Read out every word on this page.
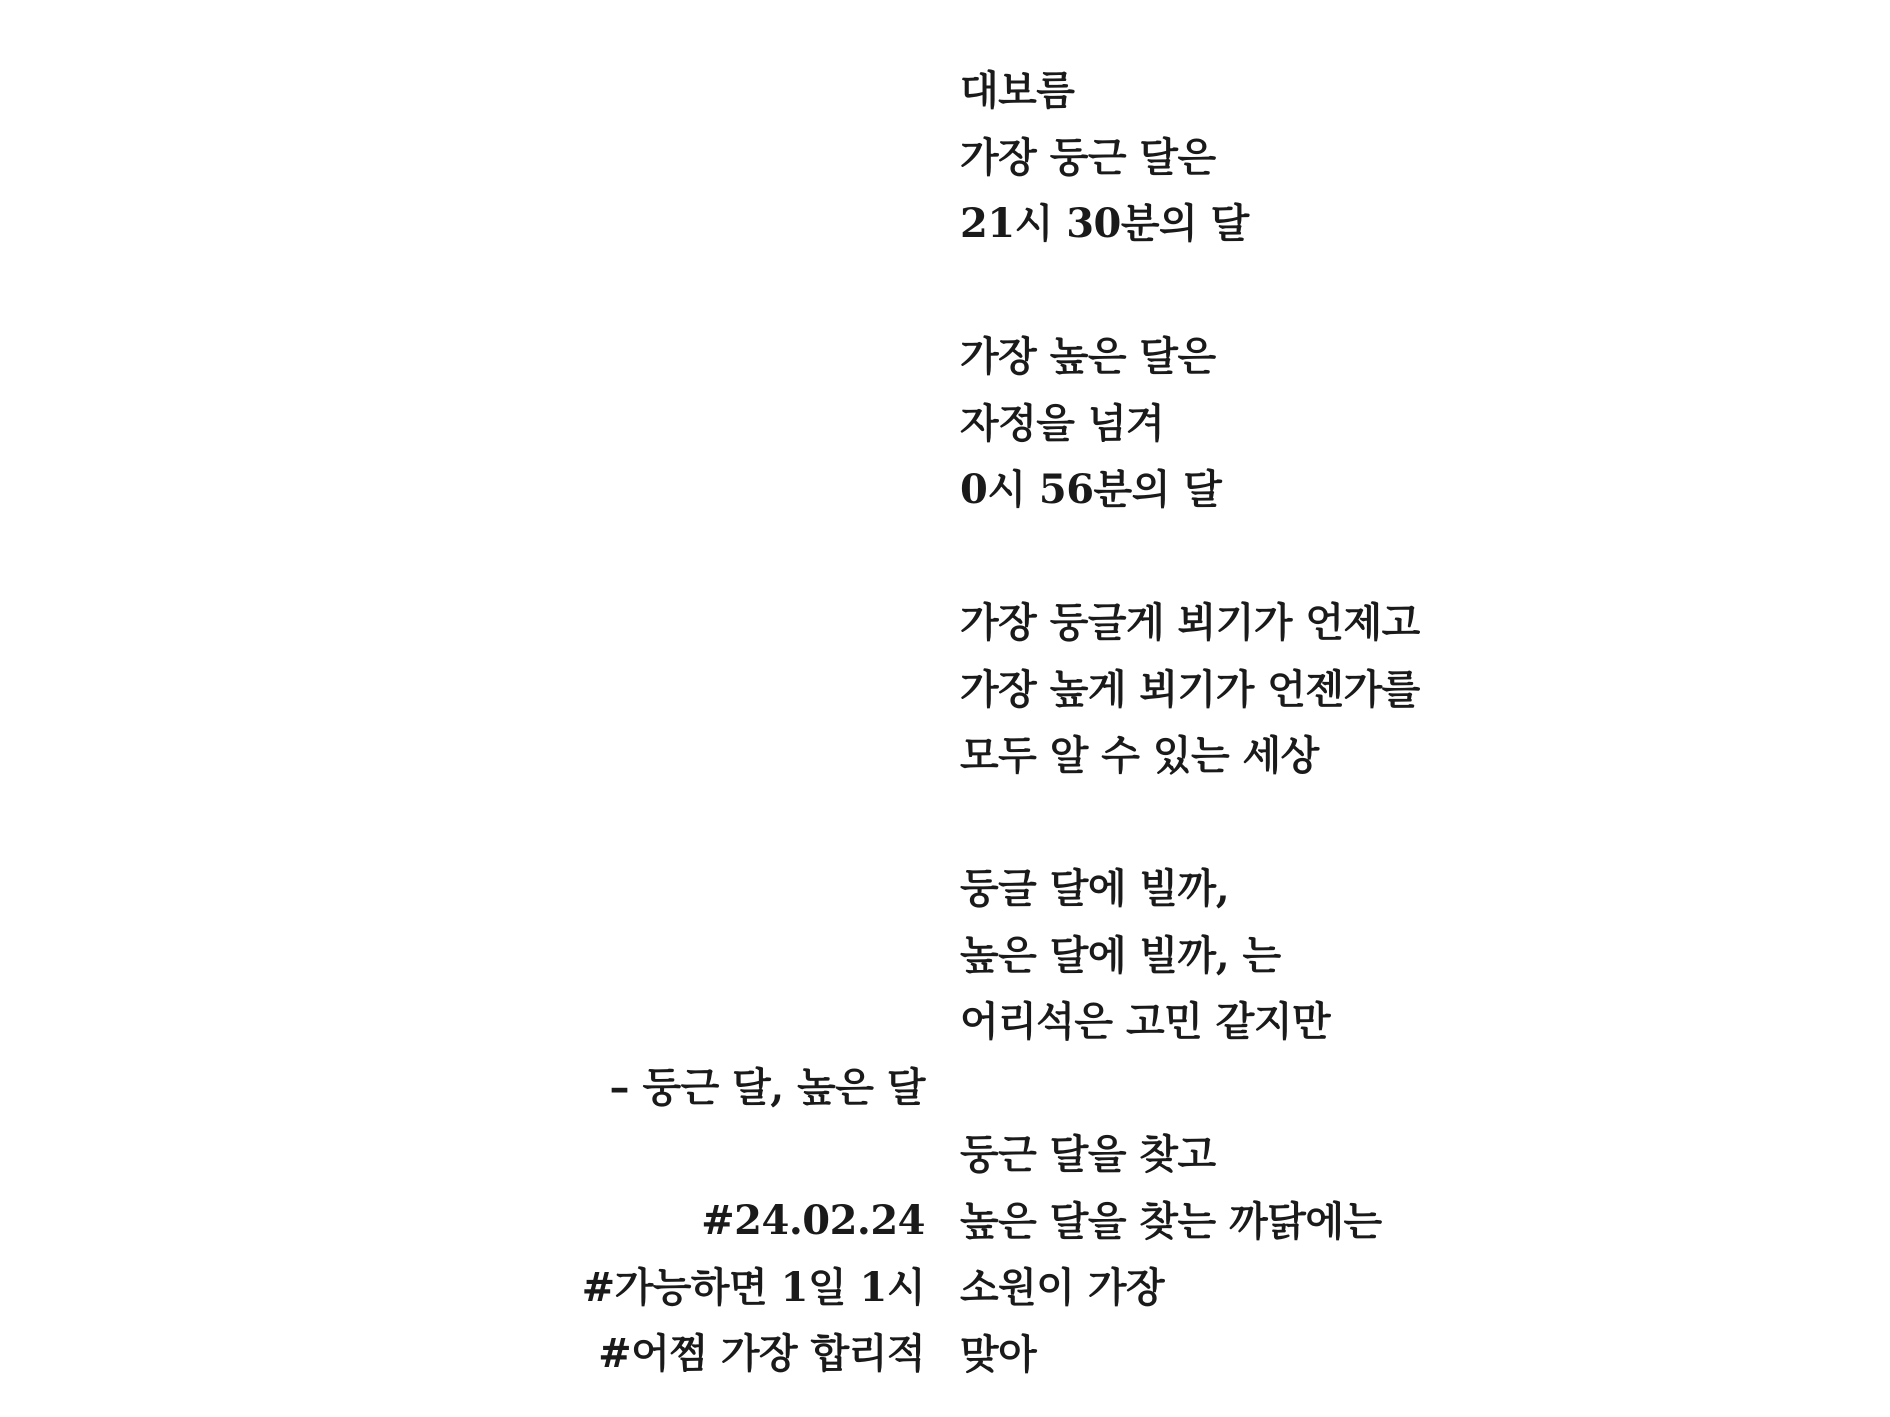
대보름
가장 둥근 달은
21시 30분의 달
가장 높은 달은
자정을 넘겨
0시 56분의 달
가장 둥글게 뵈기가 언제고
가장 높게 뵈기가 언젠가를
모두 알 수 있는 세상
둥글 달에 빌까,
높은 달에 빌까, 는
어리석은 고민 같지만
둥근 달을 찾고
높은 달을 찾는 까닭에는
소원이 가장
맞아
– 둥근 달, 높은 달
#24.02.24
#가능하면 1일 1시
#어쩜 가장 합리적
